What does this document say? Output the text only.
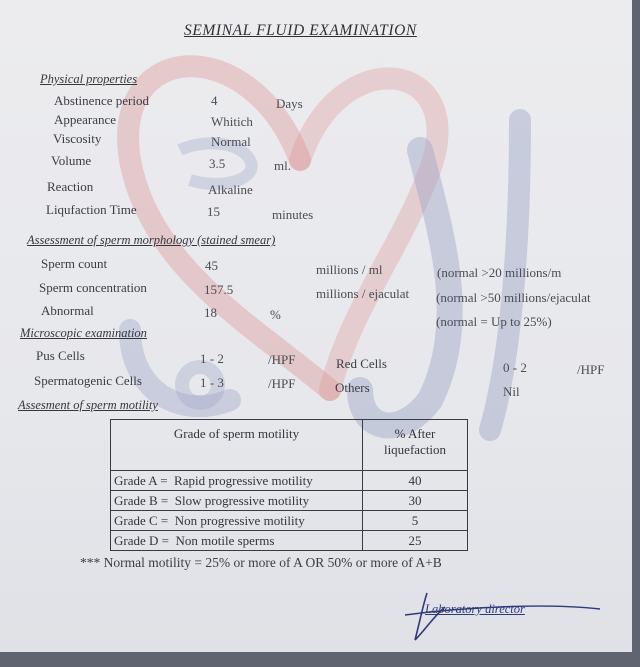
SEMINAL FLUID EXAMINATION
Physical properties
Abstinence period	4	Days
Appearance	Whitich
Viscosity	Normal
Volume	3.5	ml.
Reaction	Alkaline
Liqufaction Time	15	minutes
Assessment of sperm morphology (stained smear)
Sperm count	45	millions / ml	(normal >20 millions/m
Sperm concentration	157.5	millions / ejaculat (normal >50 millions/ejaculat
Abnormal	18	%	(normal = Up to 25%)
Microscopic examination
Pus Cells	1 - 2	/HPF	Red Cells	0 - 2	/HPF
Spermatogenic Cells	1 - 3	/HPF	Others	Nil
Assesment of sperm motility
Grade of sperm motility	% After
liquefaction
Grade A = Rapid progressive motility	40
Grade B = Slow progressive motility	30
Grade C = Non progressive motility	5
Grade D = Non motile sperms	25
*** Normal motility = 25% or more of A OR 50% or more of A+B
Laboratory director
